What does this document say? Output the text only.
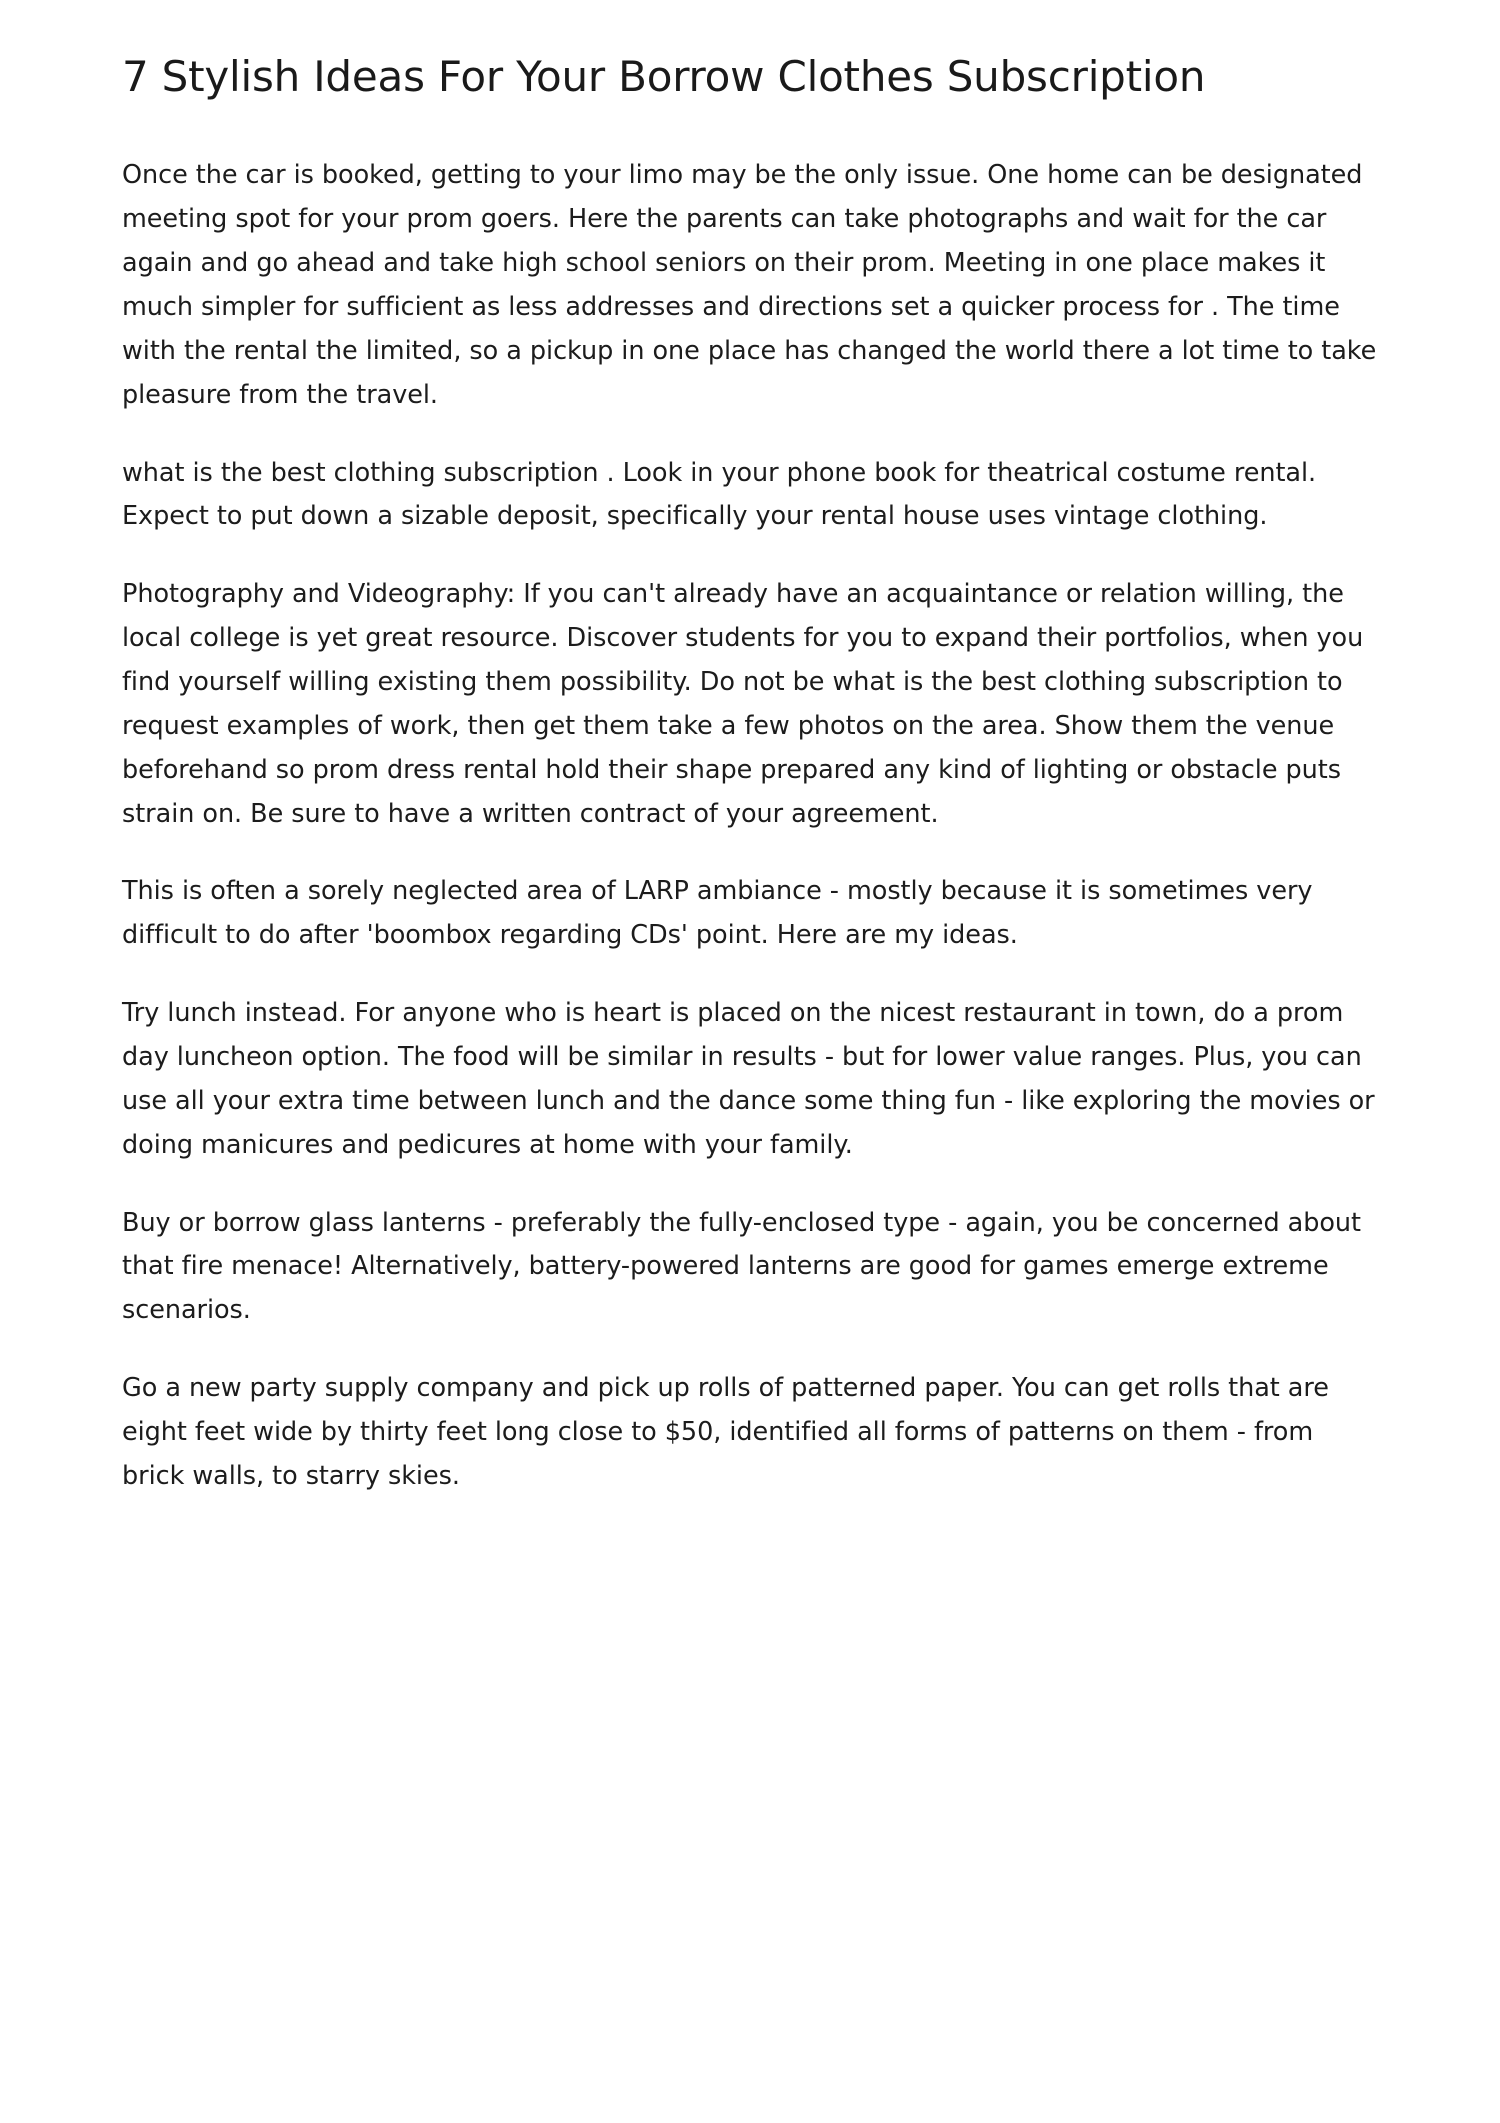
7 Stylish Ideas For Your Borrow Clothes Subscription

Once the car is booked, getting to your limo may be the only issue. One home can be designated meeting spot for your prom goers. Here the parents can take photographs and wait for the car again and go ahead and take high school seniors on their prom. Meeting in one place makes it much simpler for sufficient as less addresses and directions set a quicker process for . The time with the rental the limited, so a pickup in one place has changed the world there a lot time to take pleasure from the travel.

what is the best clothing subscription . Look in your phone book for theatrical costume rental. Expect to put down a sizable deposit, specifically your rental house uses vintage clothing.

Photography and Videography: If you can't already have an acquaintance or relation willing, the local college is yet great resource. Discover students for you to expand their portfolios, when you find yourself willing existing them possibility. Do not be what is the best clothing subscription to request examples of work, then get them take a few photos on the area. Show them the venue beforehand so prom dress rental hold their shape prepared any kind of lighting or obstacle puts strain on. Be sure to have a written contract of your agreement.

This is often a sorely neglected area of LARP ambiance - mostly because it is sometimes very difficult to do after 'boombox regarding CDs' point. Here are my ideas.

Try lunch instead. For anyone who is heart is placed on the nicest restaurant in town, do a prom day luncheon option. The food will be similar in results - but for lower value ranges. Plus, you can use all your extra time between lunch and the dance some thing fun - like exploring the movies or doing manicures and pedicures at home with your family.

Buy or borrow glass lanterns - preferably the fully-enclosed type - again, you be concerned about that fire menace! Alternatively, battery-powered lanterns are good for games emerge extreme scenarios.

Go a new party supply company and pick up rolls of patterned paper. You can get rolls that are eight feet wide by thirty feet long close to $50, identified all forms of patterns on them - from brick walls, to starry skies.
